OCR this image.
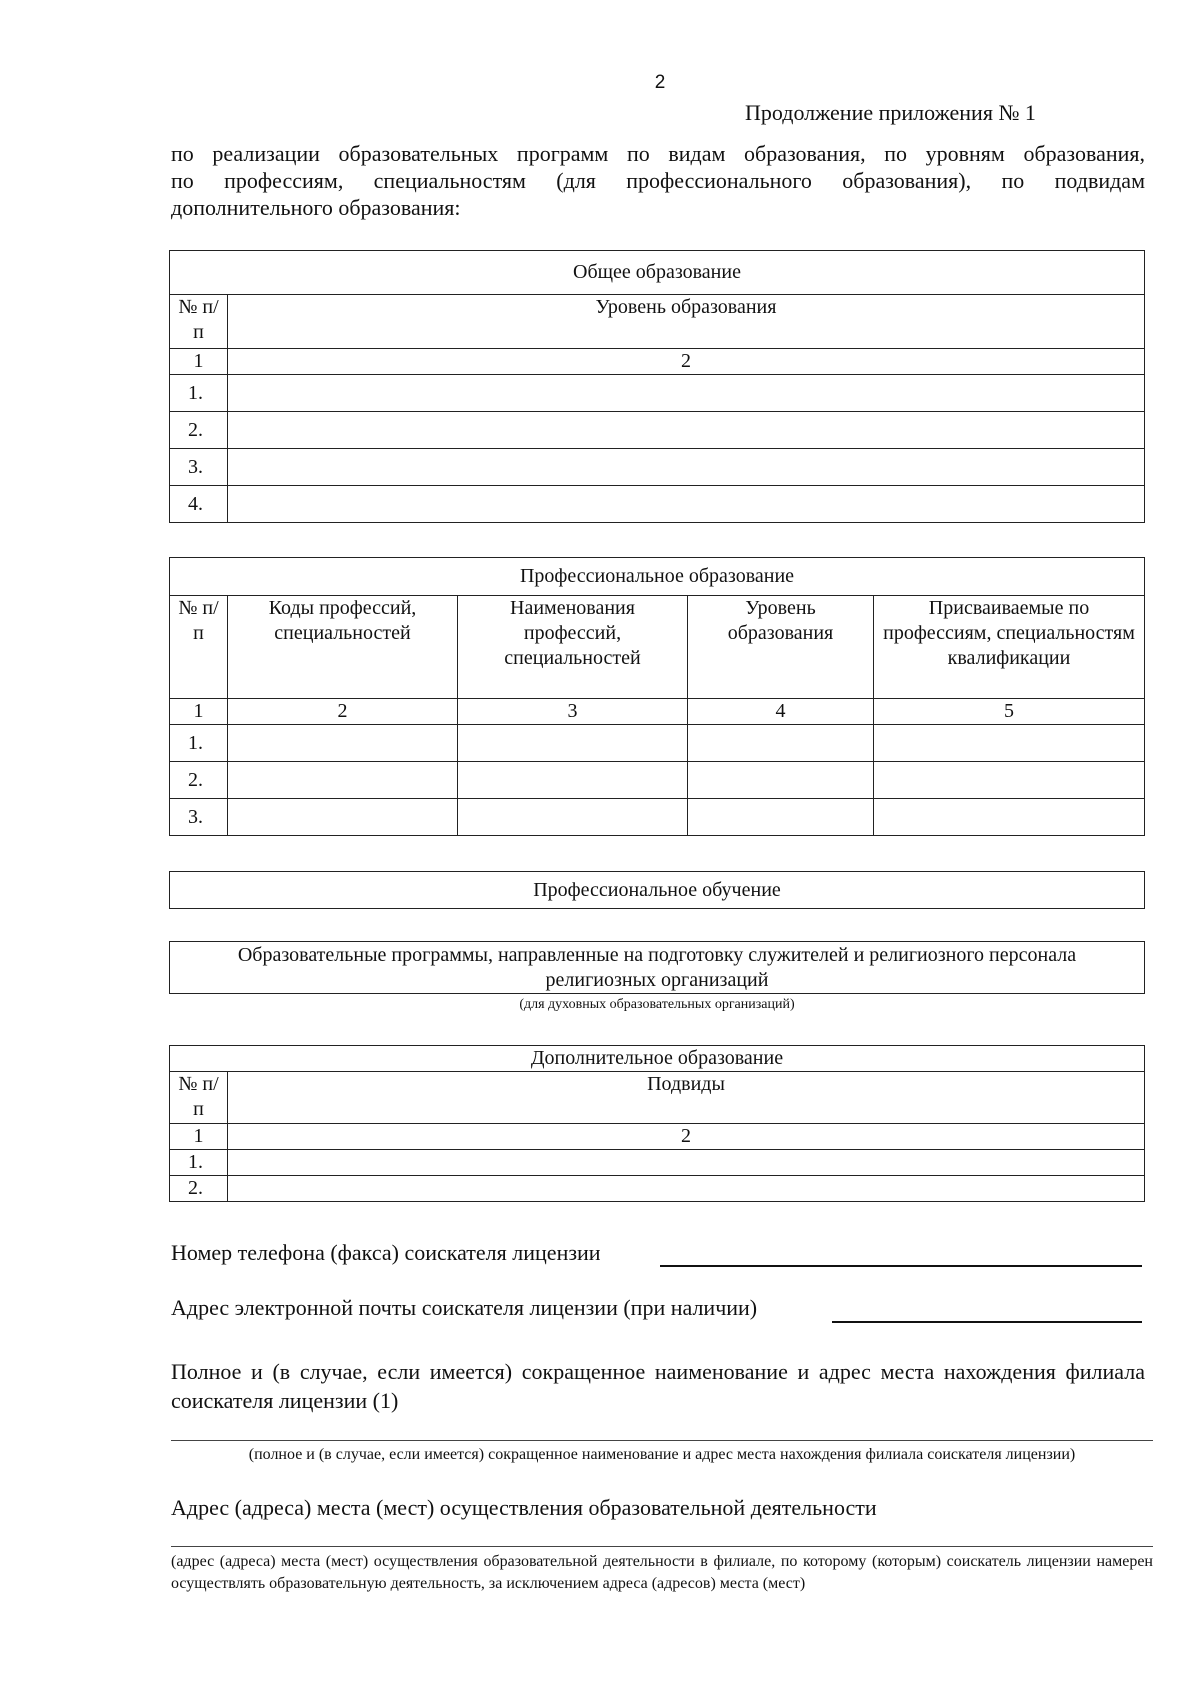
2
Продолжение приложения № 1
по реализации образовательных программ по видам образования, по уровням образования,
по профессиям, специальностям (для профессионального образования), по подвидам
дополнительного образования:
Общее образование	
№ п/п	Уровень образования
1	2
1.	
2.	
3.	
4.	
Профессиональное образование				
№ п/п	Коды профессий, специальностей	Наименования профессий, специальностей	Уровень образования	Присваиваемые по профессиям, специальностям квалификации
1	2	3	4	5
1.				
2.				
3.				
Профессиональное обучение
Образовательные программы, направленные на подготовку служителей и религиозного персонала религиозных организаций
(для духовных образовательных организаций)
Дополнительное образование	
№ п/п	Подвиды
1	2
1.	
2.	
Номер телефона (факса) соискателя лицензии
Адрес электронной почты соискателя лицензии (при наличии)
Полное и (в случае, если имеется) сокращенное наименование и адрес места нахождения филиала соискателя лицензии (1)
(полное и (в случае, если имеется) сокращенное наименование и адрес места нахождения филиала соискателя лицензии)
Адрес (адреса) места (мест) осуществления образовательной деятельности
(адрес (адреса) места (мест) осуществления образовательной деятельности в филиале, по которому (которым) соискатель лицензии намерен осуществлять образовательную деятельность, за исключением адреса (адресов) места (мест)
